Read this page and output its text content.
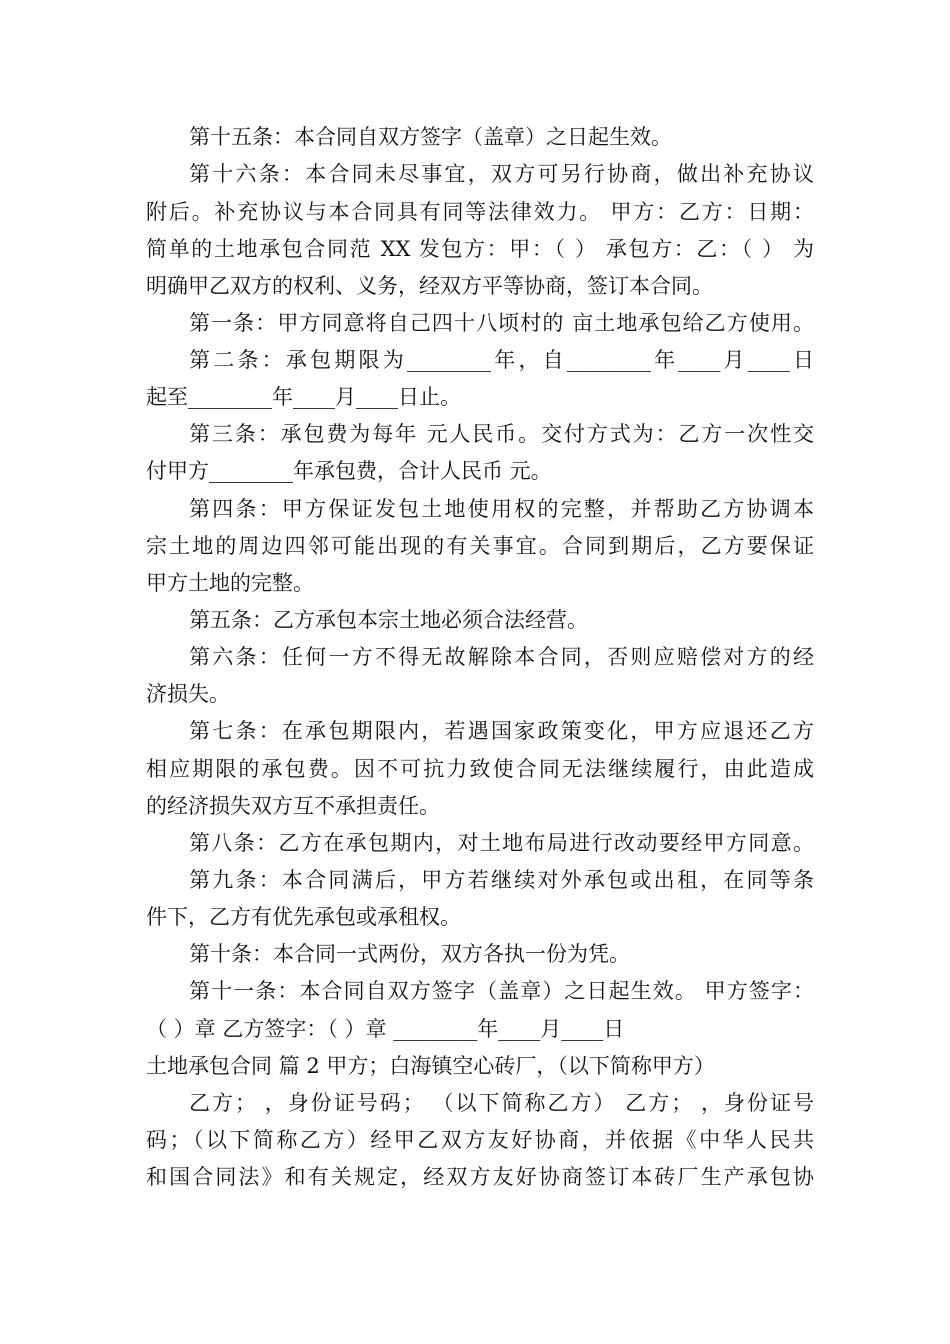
第十五条：本合同自双方签字（盖章）之日起生效。
第十六条：本合同未尽事宜，双方可另行协商，做出补充协议
附后。补充协议与本合同具有同等法律效力。 甲方：乙方：日期：
简单的土地承包合同范 XX 发包方：甲：（ ） 承包方：乙：（ ） 为
明确甲乙双方的权利、义务，经双方平等协商，签订本合同。
第一条：甲方同意将自己四十八顷村的 亩土地承包给乙方使用。
第二条：承包期限为________年，自________年____月____日
起至________年____月____日止。
第三条：承包费为每年 元人民币。交付方式为：乙方一次性交
付甲方________年承包费，合计人民币 元。
第四条：甲方保证发包土地使用权的完整，并帮助乙方协调本
宗土地的周边四邻可能出现的有关事宜。合同到期后，乙方要保证
甲方土地的完整。
第五条：乙方承包本宗土地必须合法经营。
第六条：任何一方不得无故解除本合同，否则应赔偿对方的经
济损失。
第七条：在承包期限内，若遇国家政策变化，甲方应退还乙方
相应期限的承包费。因不可抗力致使合同无法继续履行，由此造成
的经济损失双方互不承担责任。
第八条：乙方在承包期内，对土地布局进行改动要经甲方同意。
第九条：本合同满后，甲方若继续对外承包或出租，在同等条
件下，乙方有优先承包或承租权。
第十条：本合同一式两份，双方各执一份为凭。
第十一条：本合同自双方签字（盖章）之日起生效。 甲方签字：
（ ）章 乙方签字：（ ）章 ________年____月____日
土地承包合同 篇 2 甲方；白海镇空心砖厂，（以下简称甲方）
乙方； ，身份证号码； （以下简称乙方） 乙方； ，身份证号
码；（以下简称乙方）经甲乙双方友好协商，并依据《中华人民共
和国合同法》和有关规定，经双方友好协商签订本砖厂生产承包协
